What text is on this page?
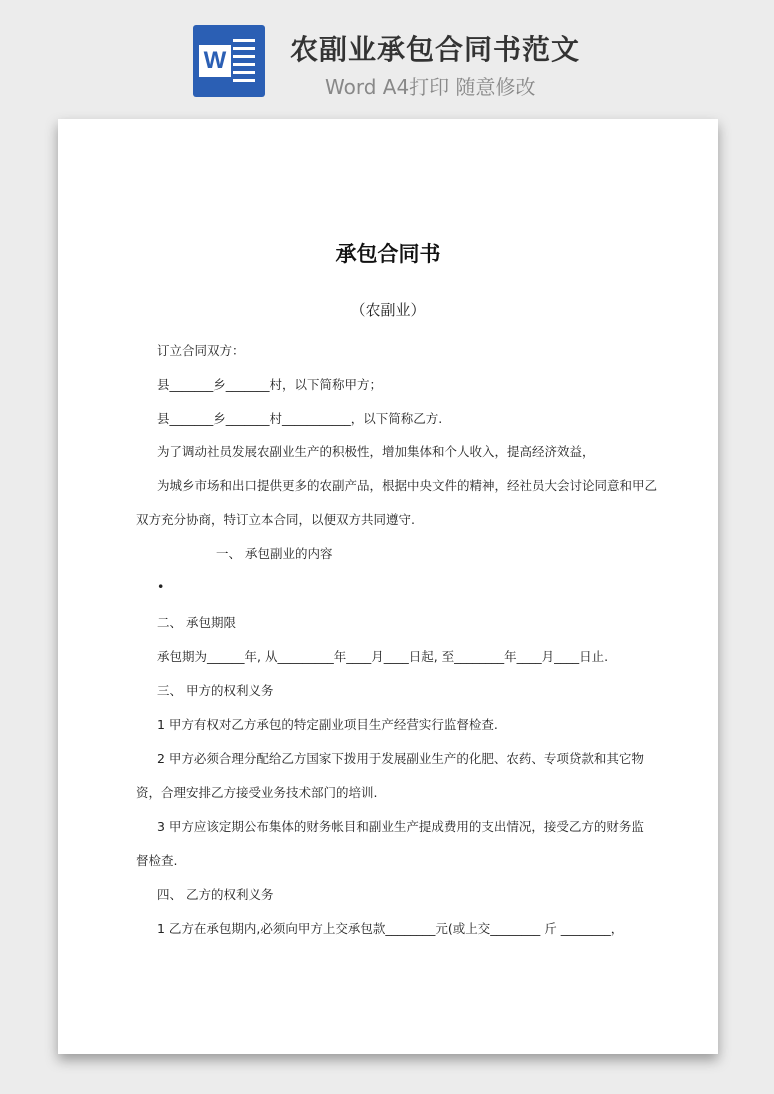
W 农副业承包合同书范文
Word A4打印 随意修改
承包合同书
（农副业）
订立合同双方：
县_______乡_______村，以下简称甲方；
县_______乡_______村___________，以下简称乙方.
为了调动社员发展农副业生产的积极性，增加集体和个人收入，提高经济效益，
为城乡市场和出口提供更多的农副产品，根据中央文件的精神，经社员大会讨论同意和甲乙
双方充分协商，特订立本合同，以便双方共同遵守.
一、 承包副业的内容
•
二、 承包期限
承包期为______年, 从_________年____月____日起, 至________年____月____日止.
三、 甲方的权利义务
1 甲方有权对乙方承包的特定副业项目生产经营实行监督检查.
2 甲方必须合理分配给乙方国家下拨用于发展副业生产的化肥、农药、专项贷款和其它物
资，合理安排乙方接受业务技术部门的培训.
3 甲方应该定期公布集体的财务帐目和副业生产提成费用的支出情况，接受乙方的财务监
督检查.
四、 乙方的权利义务
1 乙方在承包期内,必须向甲方上交承包款________元(或上交________ 斤 ________，
